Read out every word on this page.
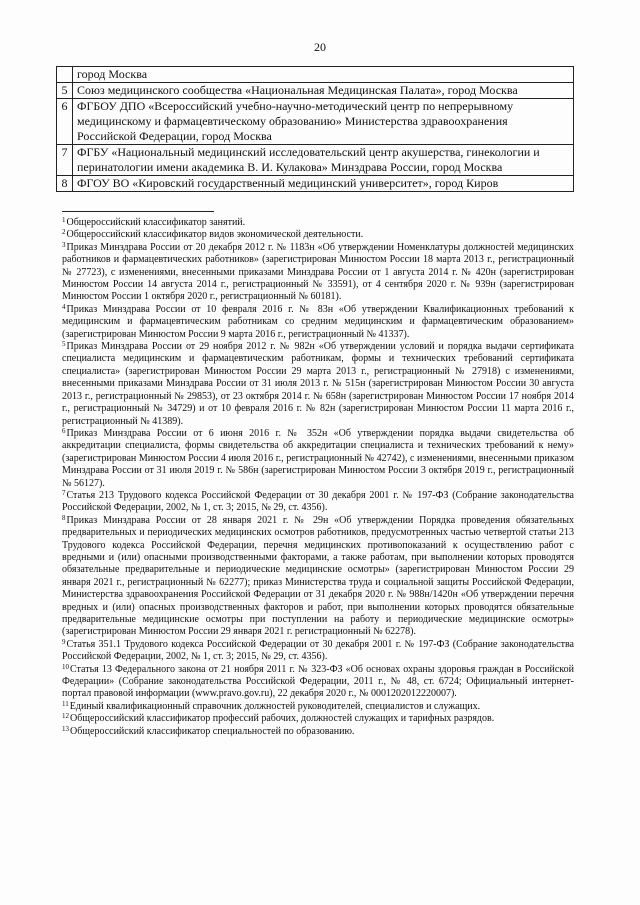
20
	город Москва
5	Союз медицинского сообщества «Национальная Медицинская Палата», город Москва
6	ФГБОУ ДПО «Всероссийский учебно-научно-методический центр по непрерывному медицинскому и фармацевтическому образованию» Министерства здравоохранения Российской Федерации, город Москва
7	ФГБУ «Национальный медицинский исследовательский центр акушерства, гинекологии и перинатологии имени академика В. И. Кулакова» Минздрава России, город Москва
8	ФГОУ ВО «Кировский государственный медицинский университет», город Киров

$^1$Общероссийский классификатор занятий.

$^2$Общероссийский классификатор видов экономической деятельности.

$^3$Приказ Минздрава России от 20 декабря 2012 г. № 1183н «Об утверждении Номенклатуры должностей медицинских работников и фармацевтических работников» (зарегистрирован Минюстом России 18 марта 2013 г., регистрационный № 27723), с изменениями, внесенными приказами Минздрава России от 1 августа 2014 г. № 420н (зарегистрирован Минюстом России 14 августа 2014 г., регистрационный № 33591), от 4 сентября 2020 г. № 939н (зарегистрирован Минюстом России 1 октября 2020 г., регистрационный № 60181).

$^4$Приказ Минздрава России от 10 февраля 2016 г. № 83н «Об утверждении Квалификационных требований к медицинским и фармацевтическим работникам со средним медицинским и фармацевтическим образованием» (зарегистрирован Минюстом России 9 марта 2016 г., регистрационный № 41337).

$^5$Приказ Минздрава России от 29 ноября 2012 г. № 982н «Об утверждении условий и порядка выдачи сертификата специалиста медицинским и фармацевтическим работникам, формы и технических требований сертификата специалиста» (зарегистрирован Минюстом России 29 марта 2013 г., регистрационный № 27918) с изменениями, внесенными приказами Минздрава России от 31 июля 2013 г. № 515н (зарегистрирован Минюстом России 30 августа 2013 г., регистрационный № 29853), от 23 октября 2014 г. № 658н (зарегистрирован Минюстом России 17 ноября 2014 г., регистрационный № 34729) и от 10 февраля 2016 г. № 82н (зарегистрирован Минюстом России 11 марта 2016 г., регистрационный № 41389).

$^6$Приказ Минздрава России от 6 июня 2016 г. № 352н «Об утверждении порядка выдачи свидетельства об аккредитации специалиста, формы свидетельства об аккредитации специалиста и технических требований к нему» (зарегистрирован Минюстом России 4 июля 2016 г., регистрационный № 42742), с изменениями, внесенными приказом Минздрава России от 31 июля 2019 г. № 586н (зарегистрирован Минюстом России 3 октября 2019 г., регистрационный № 56127).

$^7$Статья 213 Трудового кодекса Российской Федерации от 30 декабря 2001 г. № 197-ФЗ (Собрание законодательства Российской Федерации, 2002, № 1, ст. 3; 2015, № 29, ст. 4356).

$^8$Приказ Минздрава России от 28 января 2021 г. № 29н «Об утверждении Порядка проведения обязательных предварительных и периодических медицинских осмотров работников, предусмотренных частью четвертой статьи 213 Трудового кодекса Российской Федерации, перечня медицинских противопоказаний к осуществлению работ с вредными и (или) опасными производственными факторами, а также работам, при выполнении которых проводятся обязательные предварительные и периодические медицинские осмотры» (зарегистрирован Минюстом России 29 января 2021 г., регистрационный № 62277); приказ Министерства труда и социальной защиты Российской Федерации, Министерства здравоохранения Российской Федерации от 31 декабря 2020 г. № 988н/1420н «Об утверждении перечня вредных и (или) опасных производственных факторов и работ, при выполнении которых проводятся обязательные предварительные медицинские осмотры при поступлении на работу и периодические медицинские осмотры» (зарегистрирован Минюстом России 29 января 2021 г. регистрационный № 62278).

$^9$Статья 351.1 Трудового кодекса Российской Федерации от 30 декабря 2001 г. № 197-ФЗ (Собрание законодательства Российской Федерации, 2002, № 1, ст. 3; 2015, № 29, ст. 4356).

$^{10}$Статья 13 Федерального закона от 21 ноября 2011 г. № 323-ФЗ «Об основах охраны здоровья граждан в Российской Федерации» (Собрание законодательства Российской Федерации, 2011 г., № 48, ст. 6724; Официальный интернет-портал правовой информации (www.pravo.gov.ru), 22 декабря 2020 г., № 0001202012220007).

$^{11}$Единый квалификационный справочник должностей руководителей, специалистов и служащих.

$^{12}$Общероссийский классификатор профессий рабочих, должностей служащих и тарифных разрядов.

$^{13}$Общероссийский классификатор специальностей по образованию.
